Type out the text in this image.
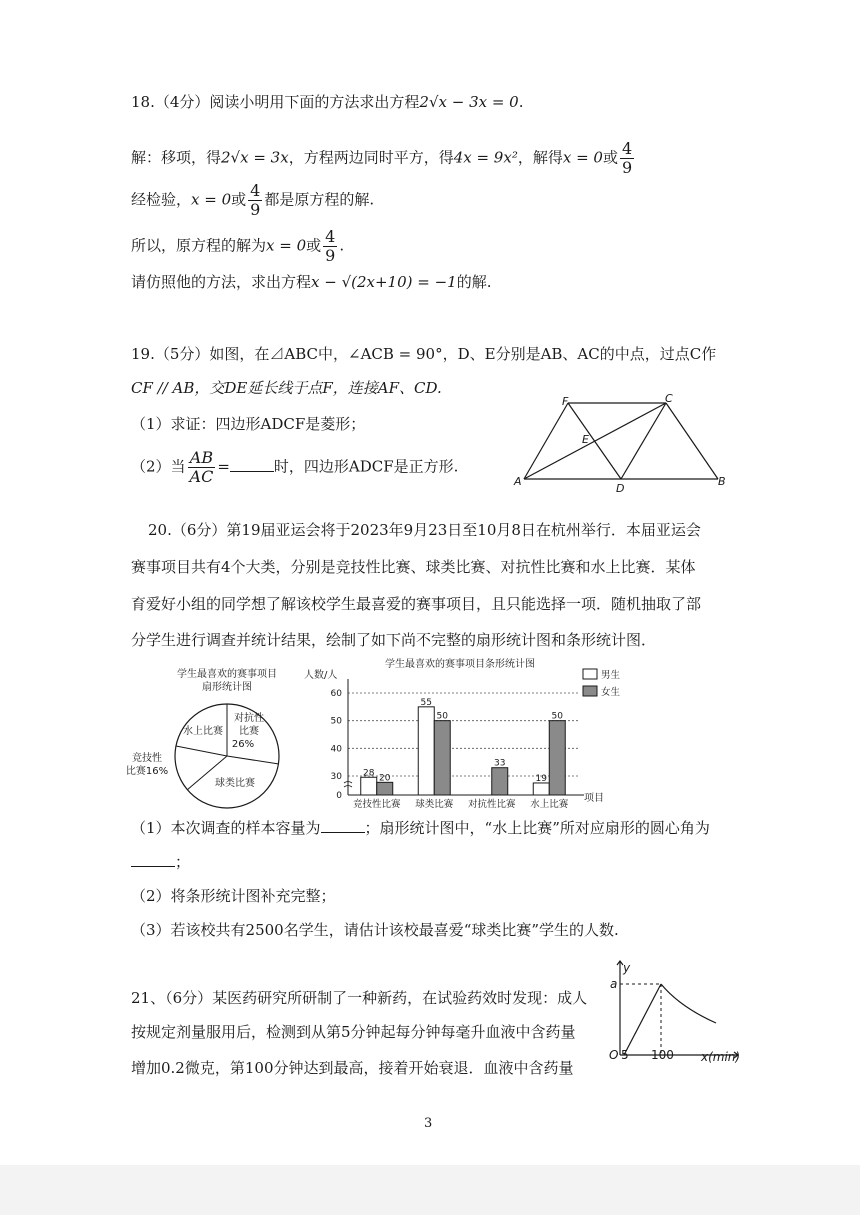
18.（4分）阅读小明用下面的方法求出方程2√x − 3x = 0.
解：移项，得2√x = 3x，方程两边同时平方，得4x = 9x²，解得x = 0或 $\frac{4}{9}$
经检验，x = 0或 $\frac{4}{9}$ 都是原方程的解.
所以，原方程的解为x = 0或 $\frac{4}{9}$ .
请仿照他的方法，求出方程x − √(2x+10) = −1的解.
19.（5分）如图，在⊿ABC中，∠ACB = 90°，D、E分别是AB、AC的中点，过点C作
CF // AB，交DE延长线于点F，连接AF、CD.
（1）求证：四边形ADCF是菱形；
（2）当 $\frac{AB}{AC}$ =	时，四边形ADCF是正方形.
F	C
E
A
D
B
20.（6分）第19届亚运会将于2023年9月23日至10月8日在杭州举行．本届亚运会
赛事项目共有4个大类，分别是竞技性比赛、球类比赛、对抗性比赛和水上比赛．某体
育爱好小组的同学想了解该校学生最喜爱的赛事项目，且只能选择一项．随机抽取了部
分学生进行调查并统计结果，绘制了如下尚不完整的扇形统计图和条形统计图．
学生最喜欢的赛事项目
扇形统计图
水上比赛
对抗性
比赛
26%
竞技性
比赛16%
球类比赛
学生最喜欢的赛事项目条形统计图
人数/人
0
30
40
50
60
竞技性比赛 球类比赛 对抗性比赛 水上比赛
28
20
55
50
33
19
50
男生
女生
项目
（1）本次调查的样本容量为	；扇形统计图中，“水上比赛”所对应扇形的圆心角为
；
（2）将条形统计图补充完整；
（3）若该校共有2500名学生，请估计该校最喜爱“球类比赛”学生的人数.
21、（6分）某医药研究所研制了一种新药，在试验药效时发现：成人
按规定剂量服用后，检测到从第5分钟起每分钟每毫升血液中含药量
增加0.2微克，第100分钟达到最高，接着开始衰退．血液中含药量
y
a
O 5 100 x(min)
3
